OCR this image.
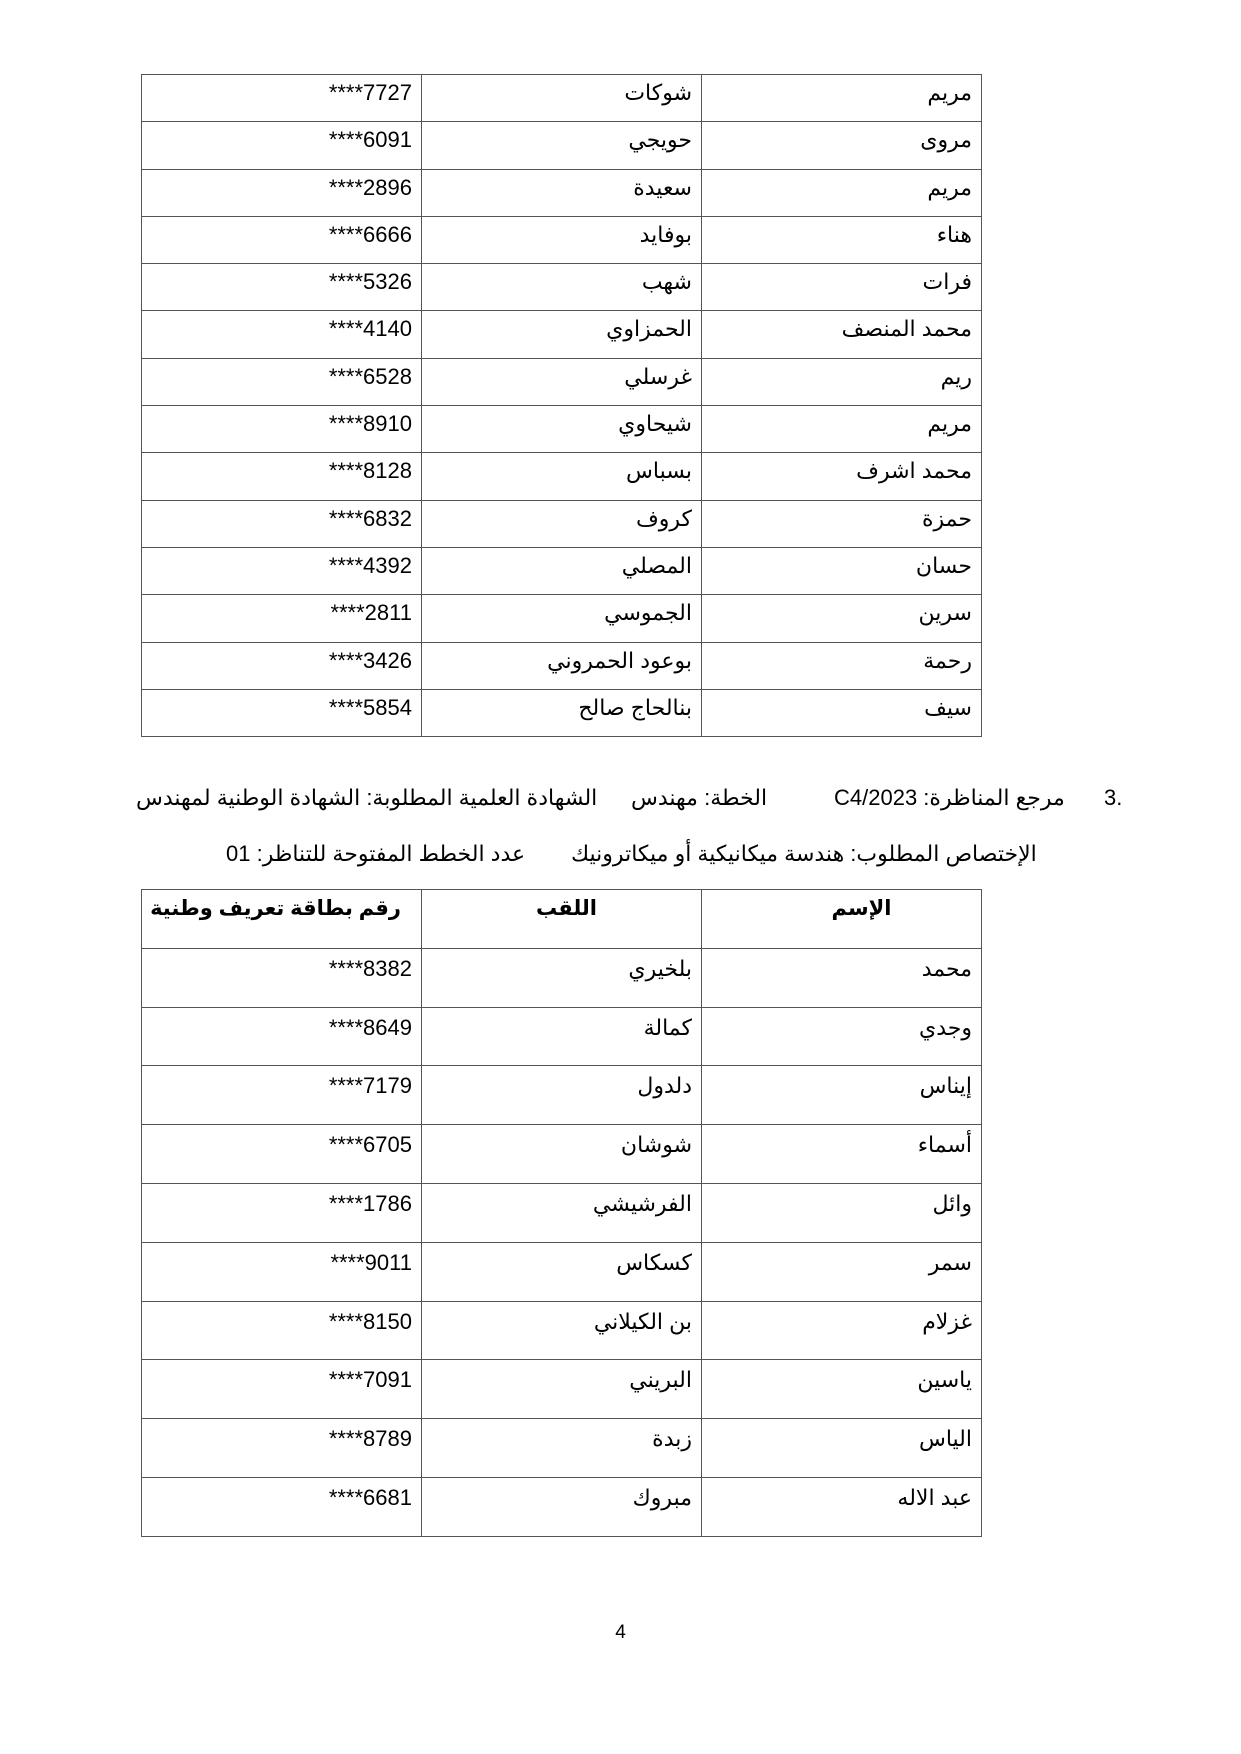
****7727	شوكات	مريم
****6091	حويجي	مروى
****2896	سعيدة	مريم
****6666	بوفايد	هناء
****5326	شهب	فرات
****4140	الحمزاوي	محمد المنصف
****6528	غرسلي	ريم
****8910	شيحاوي	مريم
****8128	بسباس	محمد اشرف
****6832	كروف	حمزة
****4392	المصلي	حسان
****2811	الجموسي	سرين
****3426	بوعود الحمروني	رحمة
****5854	بنالحاج صالح	سيف
3.
مرجع المناظرة: C4/2023
الخطة: مهندس
الشهادة العلمية المطلوبة: الشهادة الوطنية لمهندس
الإختصاص المطلوب: هندسة ميكانيكية أو ميكاترونيك
عدد الخطط المفتوحة للتناظر: 01
رقم بطاقة تعريف وطنية	اللقب	الإسم
****8382	بلخيري	محمد
****8649	كمالة	وجدي
****7179	دلدول	إيناس
****6705	شوشان	أسماء
****1786	الفرشيشي	وائل
****9011	كسكاس	سمر
****8150	بن الكيلاني	غزلام
****7091	البريني	ياسين
****8789	زبدة	الياس
****6681	مبروك	عبد الاله
4
